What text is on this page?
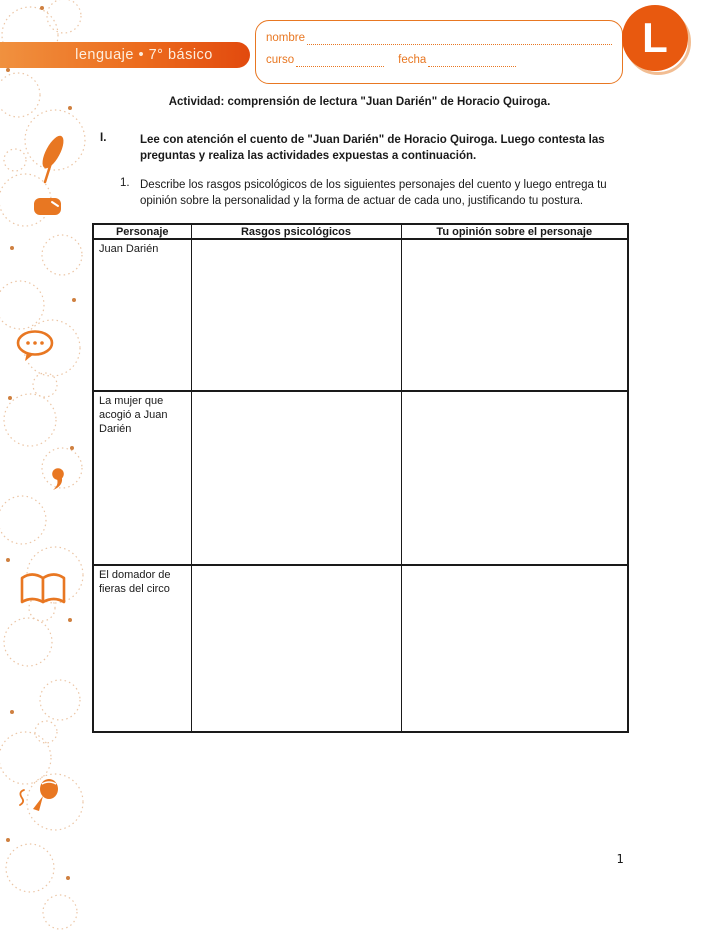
lenguaje • 7° básico
nombre
curso	fecha	L
Actividad: comprensión de lectura "Juan Darién" de Horacio Quiroga.
I.	Lee con atención el cuento de "Juan Darién" de Horacio Quiroga. Luego contesta las preguntas y realiza las actividades expuestas a continuación.
1. Describe los rasgos psicológicos de los siguientes personajes del cuento y luego entrega tu opinión sobre la personalidad y la forma de actuar de cada uno, justificando tu postura.
Personaje	Rasgos psicológicos	Tu opinión sobre el personaje
Juan Darién		
La mujer que acogió a Juan Darién		
El domador de fieras del circo		
1
